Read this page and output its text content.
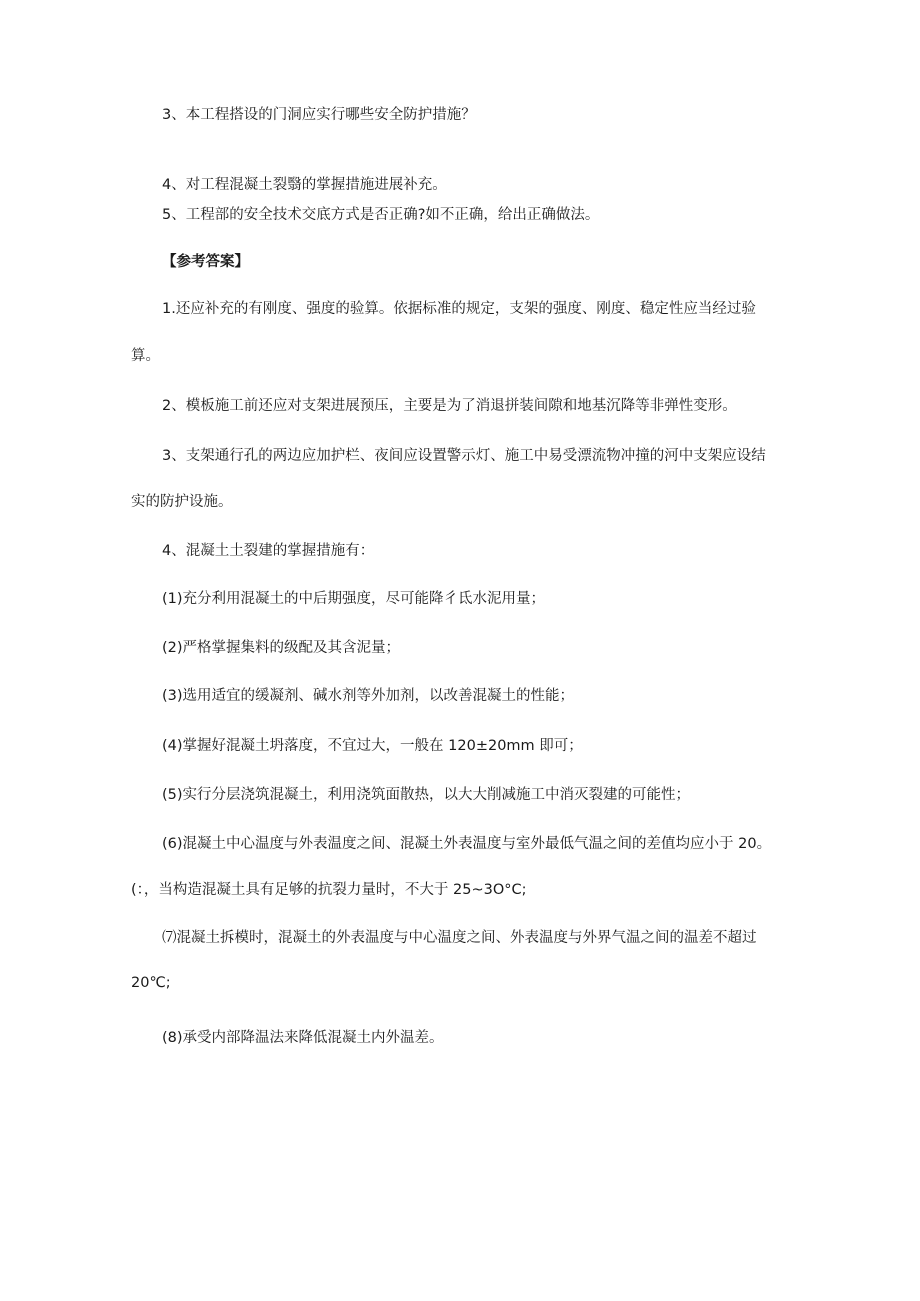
3、本工程搭设的门洞应实行哪些安全防护措施？

4、对工程混凝土裂翳的掌握措施进展补充。

5、工程部的安全技术交底方式是否正确?如不正确，给出正确做法。

【参考答案】

1.还应补充的有刚度、强度的验算。依据标准的规定，支架的强度、刚度、稳定性应当经过验

算。

2、模板施工前还应对支架进展预压，主要是为了消退拼装间隙和地基沉降等非弹性变形。

3、支架通行孔的两边应加护栏、夜间应设置警示灯、施工中易受漂流物冲撞的河中支架应设结

实的防护设施。

4、混凝土土裂建的掌握措施有：

(1)充分利用混凝土的中后期强度，尽可能降彳氐水泥用量；

(2)严格掌握集料的级配及其含泥量；

(3)选用适宜的缓凝剂、碱水剂等外加剂，以改善混凝土的性能；

(4)掌握好混凝土坍落度，不宜过大，一般在 120±20mm 即可；

(5)实行分层浇筑混凝土，利用浇筑面散热，以大大削减施工中消灭裂建的可能性；

(6)混凝土中心温度与外表温度之间、混凝土外表温度与室外最低气温之间的差值均应小于 20。

(：，当构造混凝土具有足够的抗裂力量时，不大于 25~3O°C;

⑺混凝土拆模时，混凝土的外表温度与中心温度之间、外表温度与外界气温之间的温差不超过

20℃;

(8)承受内部降温法来降低混凝土内外温差。
